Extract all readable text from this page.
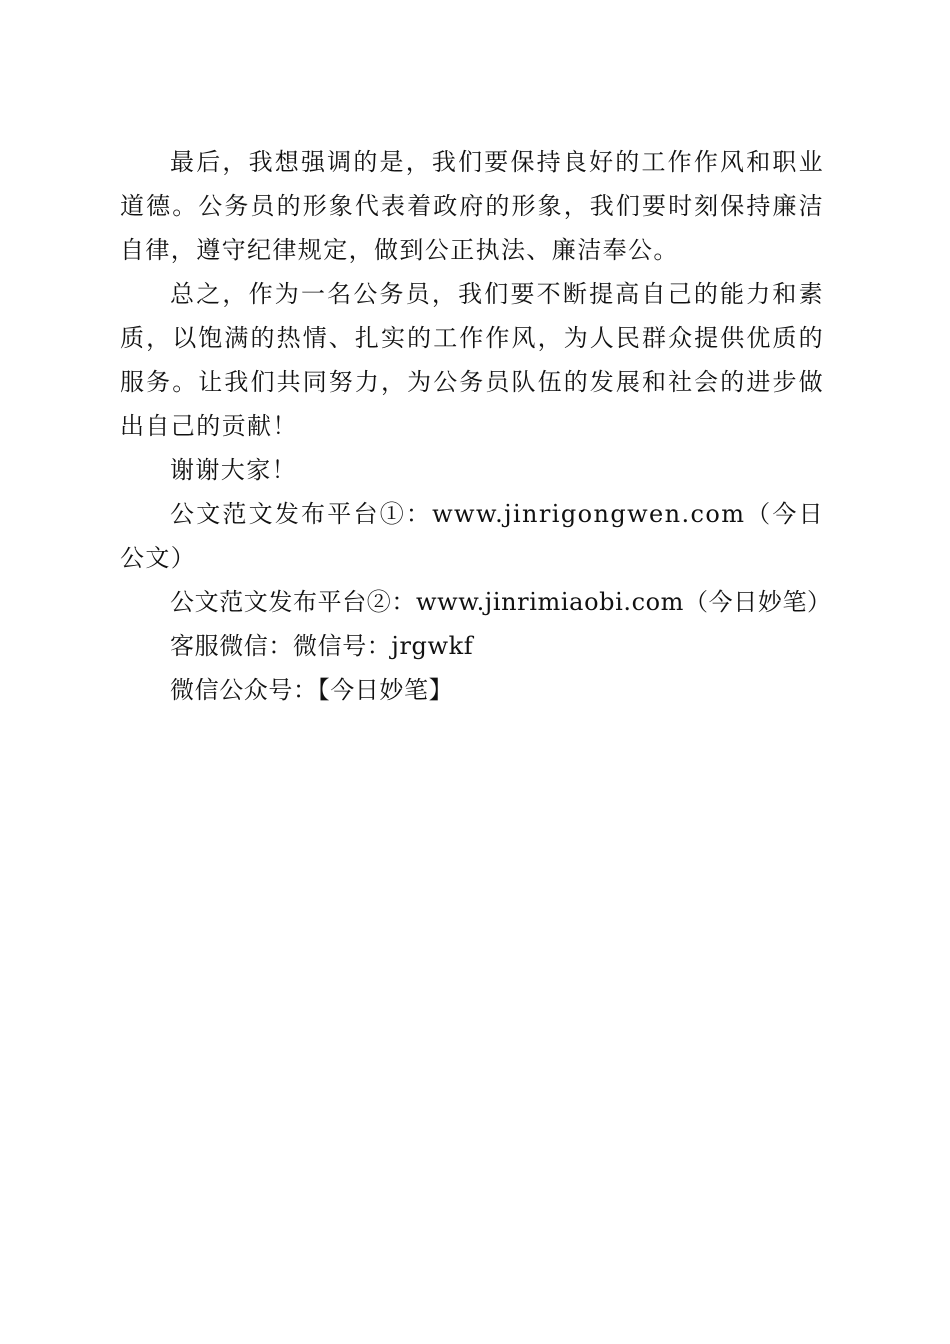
最后，我想强调的是，我们要保持良好的工作作风和职业道德。公务员的形象代表着政府的形象，我们要时刻保持廉洁自律，遵守纪律规定，做到公正执法、廉洁奉公。

总之，作为一名公务员，我们要不断提高自己的能力和素质，以饱满的热情、扎实的工作作风，为人民群众提供优质的服务。让我们共同努力，为公务员队伍的发展和社会的进步做出自己的贡献！

谢谢大家！

公文范文发布平台①：www.jinrigongwen.com（今日公文）

公文范文发布平台②：www.jinrimiaobi.com（今日妙笔）

客服微信：微信号：jrgwkf

微信公众号：【今日妙笔】
